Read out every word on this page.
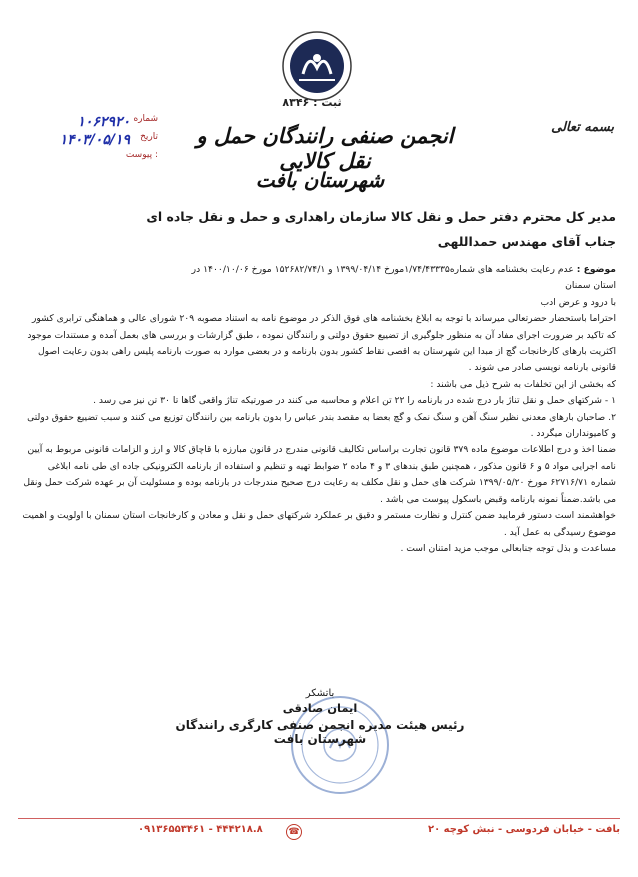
ثبت : ۸۳۴۶
بسمه تعالی
شماره
۱۰۶۲۹۲۰
تاریخ
۱۴۰۳/۰۵/۱۹
پیوست :
انجمن صنفی رانندگان حمل و نقل کالایی
شهرستان بافت
مدیر کل محترم دفتر حمل و نقل کالا سازمان راهداری و حمل و نقل جاده ای
جناب آقای مهندس حمداللهی

موضوع : عدم رعایت بخشنامه های شماره۱/۷۴/۴۳۳۳۵مورخ ۱۳۹۹/۰۴/۱۴ و ۱۵۲۶۸۲/۷۴/۱ مورخ ۱۴۰۰/۱۰/۰۶ در

استان سمنان

با درود و عرض ادب

احتراما باستحضار حضرتعالی میرساند با توجه به ابلاغ بخشنامه های فوق الذکر در موضوع نامه به استناد مصوبه ۲۰۹ شورای عالی و هماهنگی ترابری کشور که تاکید بر ضرورت اجرای مفاد آن به منظور جلوگیری از تضییع حقوق دولتی و رانندگان نموده ، طبق گزارشات و بررسی های بعمل آمده و مستندات موجود اکثریت بارهای کارخانجات گچ از مبدا این شهرستان به اقصی نقاط کشور بدون بارنامه و در بعضی موارد به صورت بارنامه پلیس راهی بدون رعایت اصول قانونی بارنامه نویسی صادر می شوند .

که بخشی از این تخلفات به شرح ذیل می باشند :

۱ - شرکتهای حمل و نقل تناژ بار درج شده در بارنامه را ۲۲ تن اعلام و محاسبه می کنند در صورتیکه تناژ واقعی گاها تا ۳۰ تن نیز می رسد .

۲. صاحبان بارهای معدنی نظیر سنگ آهن و سنگ نمک و گچ بعضا به مقصد بندر عباس را بدون بارنامه بین رانندگان توزیع می کنند و سبب تضییع حقوق دولتی و کامیونداران میگردد .

ضمنا اخذ و درج اطلاعات موضوع ماده ۳۷۹ قانون تجارت براساس تکالیف قانونی مندرج در قانون مبارزه با قاچاق کالا و ارز و الزامات قانونی مربوط به آیین نامه اجرایی مواد ۵ و ۶ قانون مذکور ، همچنین طبق بندهای ۳ و ۴ ماده ۲ ضوابط تهیه و تنظیم و استفاده از بارنامه الکترونیکی جاده ای طی نامه ابلاغی شماره ۶۲۷۱۶/۷۱ مورخ ۱۳۹۹/۰۵/۲۰ شرکت های حمل و نقل مکلف به رعایت درج صحیح مندرجات در بارنامه بوده و مسئولیت آن بر عهده شرکت حمل ونقل می باشد.ضمناً نمونه بارنامه وقبض باسکول پیوست می باشد .

خواهشمند است دستور فرمایید ضمن کنترل و نظارت مستمر و دقیق بر عملکرد شرکتهای حمل و نقل و معادن و کارخانجات استان سمنان با اولویت و اهمیت موضوع رسیدگی به عمل آید .

مساعدت و بذل توجه جنابعالی موجب مزید امتنان است .

باتشکر
ایمان صادقی
رئیس هیئت مدیره انجمن صنفی کارگری رانندگان شهرستان بافت
بافت - خیابان فردوسی - نبش کوچه ۲۰
☎
۰۹۱۳۶۵۵۳۴۶۱ - ۴۴۴۲۱۸.۸
